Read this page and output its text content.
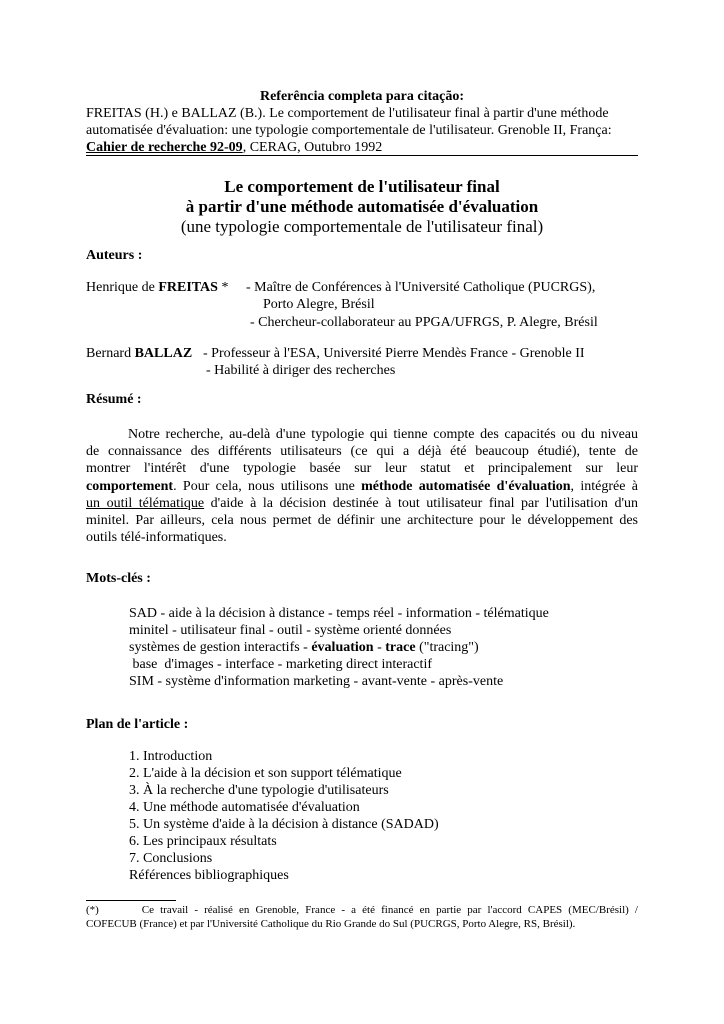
Referência completa para citação:
FREITAS (H.) e BALLAZ (B.). Le comportement de l'utilisateur final à partir d'une méthode
automatisée d'évaluation: une typologie comportementale de l'utilisateur. Grenoble II, França:
Cahier de recherche 92-09, CERAG, Outubro 1992
Le comportement de l'utilisateur final
à partir d'une méthode automatisée d'évaluation
(une typologie comportementale de l'utilisateur final)
Auteurs :
Henrique de FREITAS * - Maître de Conférences à l'Université Catholique (PUCRGS),
Porto Alegre, Brésil
- Chercheur-collaborateur au PPGA/UFRGS, P. Alegre, Brésil
Bernard BALLAZ - Professeur à l'ESA, Université Pierre Mendès France - Grenoble II
- Habilité à diriger des recherches
Résumé :
Notre recherche, au-delà d'une typologie qui tienne compte des capacités ou du niveau
de connaissance des différents utilisateurs (ce qui a déjà été beaucoup étudié), tente de
montrer l'intérêt d'une typologie basée sur leur statut et principalement sur leur
comportement. Pour cela, nous utilisons une méthode automatisée d'évaluation, intégrée à
un outil télématique d'aide à la décision destinée à tout utilisateur final par l'utilisation d'un
minitel. Par ailleurs, cela nous permet de définir une architecture pour le développement des
outils télé-informatiques.
Mots-clés :
SAD - aide à la décision à distance - temps réel - information - télématique
minitel - utilisateur final - outil - système orienté données
systèmes de gestion interactifs - évaluation - trace ("tracing")
base  d'images - interface - marketing direct interactif
SIM - système d'information marketing - avant-vente - après-vente
Plan de l'article :
1. Introduction
2. L'aide à la décision et son support télématique
3. À la recherche d'une typologie d'utilisateurs
4. Une méthode automatisée d'évaluation
5. Un système d'aide à la décision à distance (SADAD)
6. Les principaux résultats
7. Conclusions
Références bibliographiques
(*)       Ce travail - réalisé en Grenoble, France - a été financé en partie par l'accord CAPES (MEC/Brésil) /
COFECUB (France) et par l'Université Catholique du Rio Grande do Sul (PUCRGS, Porto Alegre, RS, Brésil).
